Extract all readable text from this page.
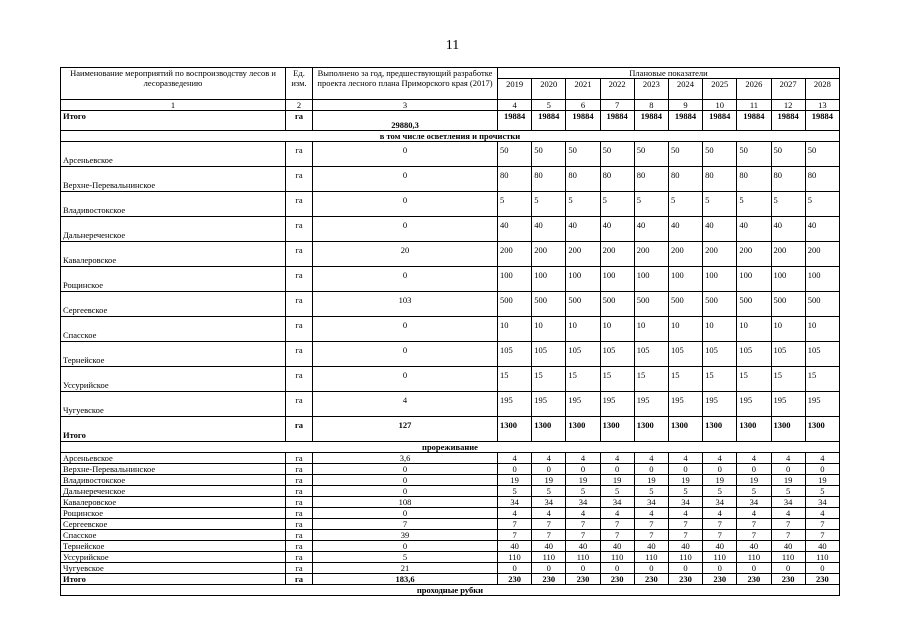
11
Наименование мероприятий по воспроизводству лесов и лесоразведению	Ед. изм.	Выполнено за год, предшествующий разработке проекта лесного плана Приморского края (2017)	Плановые показатели									
			2019	2020	2021	2022	2023	2024	2025	2026	2027	2028
1	2	3	4	5	6	7	8	9	10	11	12	13
Итого	га	29880,3	19884	19884	19884	19884	19884	19884	19884	19884	19884	19884
в том числе осветления и прочистки												
Арсеньевское	га	0	50	50	50	50	50	50	50	50	50	50
Верхне-Перевальнинское	га	0	80	80	80	80	80	80	80	80	80	80
Владивостокское	га	0	5	5	5	5	5	5	5	5	5	5
Дальнереченское	га	0	40	40	40	40	40	40	40	40	40	40
Кавалеровское	га	20	200	200	200	200	200	200	200	200	200	200
Рощинское	га	0	100	100	100	100	100	100	100	100	100	100
Сергеевское	га	103	500	500	500	500	500	500	500	500	500	500
Спасское	га	0	10	10	10	10	10	10	10	10	10	10
Тернейское	га	0	105	105	105	105	105	105	105	105	105	105
Уссурийское	га	0	15	15	15	15	15	15	15	15	15	15
Чугуевское	га	4	195	195	195	195	195	195	195	195	195	195
Итого	га	127	1300	1300	1300	1300	1300	1300	1300	1300	1300	1300
прореживание												
Арсеньевское	га	3,6	4	4	4	4	4	4	4	4	4	4
Верхне-Перевальнинское	га	0	0	0	0	0	0	0	0	0	0	0
Владивостокское	га	0	19	19	19	19	19	19	19	19	19	19
Дальнереченское	га	0	5	5	5	5	5	5	5	5	5	5
Кавалеровское	га	108	34	34	34	34	34	34	34	34	34	34
Рощинское	га	0	4	4	4	4	4	4	4	4	4	4
Сергеевское	га	7	7	7	7	7	7	7	7	7	7	7
Спасское	га	39	7	7	7	7	7	7	7	7	7	7
Тернейское	га	0	40	40	40	40	40	40	40	40	40	40
Уссурийское	га	5	110	110	110	110	110	110	110	110	110	110
Чугуевское	га	21	0	0	0	0	0	0	0	0	0	0
Итого	га	183,6	230	230	230	230	230	230	230	230	230	230
проходные рубки												
